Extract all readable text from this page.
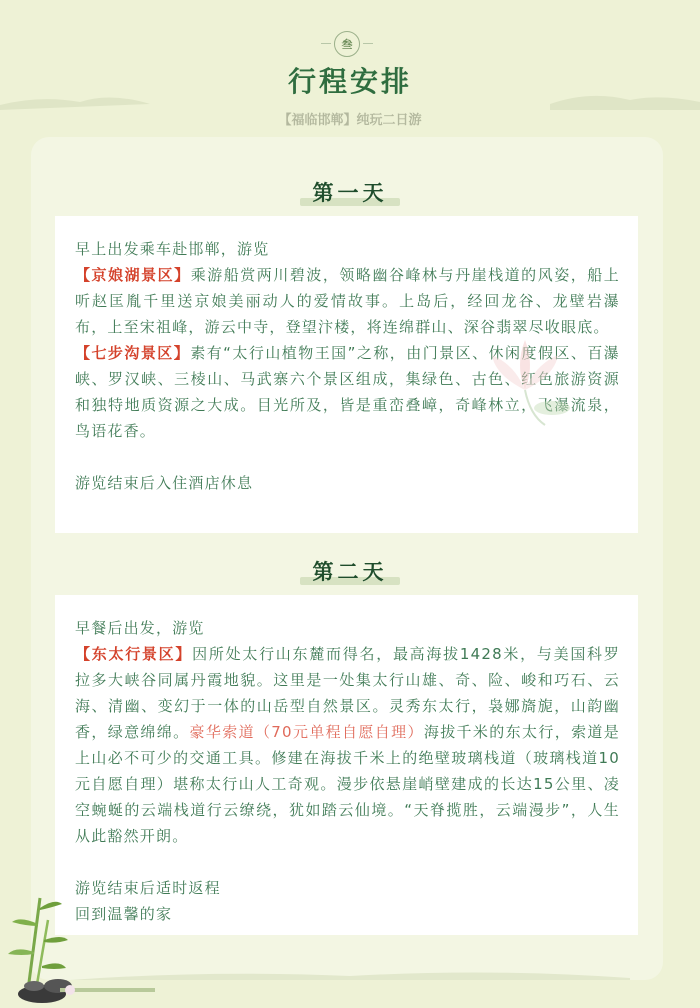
叁
行程安排
【福临邯郸】纯玩二日游
第一天

早上出发乘车赴邯郸，游览

【京娘湖景区】乘游船赏两川碧波，领略幽谷峰林与丹崖栈道的风姿，船上听赵匡胤千里送京娘美丽动人的爱情故事。上岛后，经回龙谷、龙壁岩瀑布，上至宋祖峰，游云中寺，登望汴楼，将连绵群山、深谷翡翠尽收眼底。

【七步沟景区】素有“太行山植物王国”之称，由门景区、休闲度假区、百瀑峡、罗汉峡、三棱山、马武寨六个景区组成，集绿色、古色、红色旅游资源和独特地质资源之大成。目光所及，皆是重峦叠嶂，奇峰林立，飞瀑流泉，鸟语花香。

游览结束后入住酒店休息

第二天

早餐后出发，游览

【东太行景区】因所处太行山东麓而得名，最高海拔1428米，与美国科罗拉多大峡谷同属丹霞地貌。这里是一处集太行山雄、奇、险、峻和巧石、云海、清幽、变幻于一体的山岳型自然景区。灵秀东太行，袅娜旖旎，山韵幽香，绿意绵绵。豪华索道（70元单程自愿自理）海拔千米的东太行，索道是上山必不可少的交通工具。修建在海拔千米上的绝壁玻璃栈道（玻璃栈道10元自愿自理）堪称太行山人工奇观。漫步依悬崖峭壁建成的长达15公里、凌空蜿蜒的云端栈道行云缭绕，犹如踏云仙境。“天脊揽胜，云端漫步”，人生从此豁然开朗。

游览结束后适时返程

回到温馨的家
